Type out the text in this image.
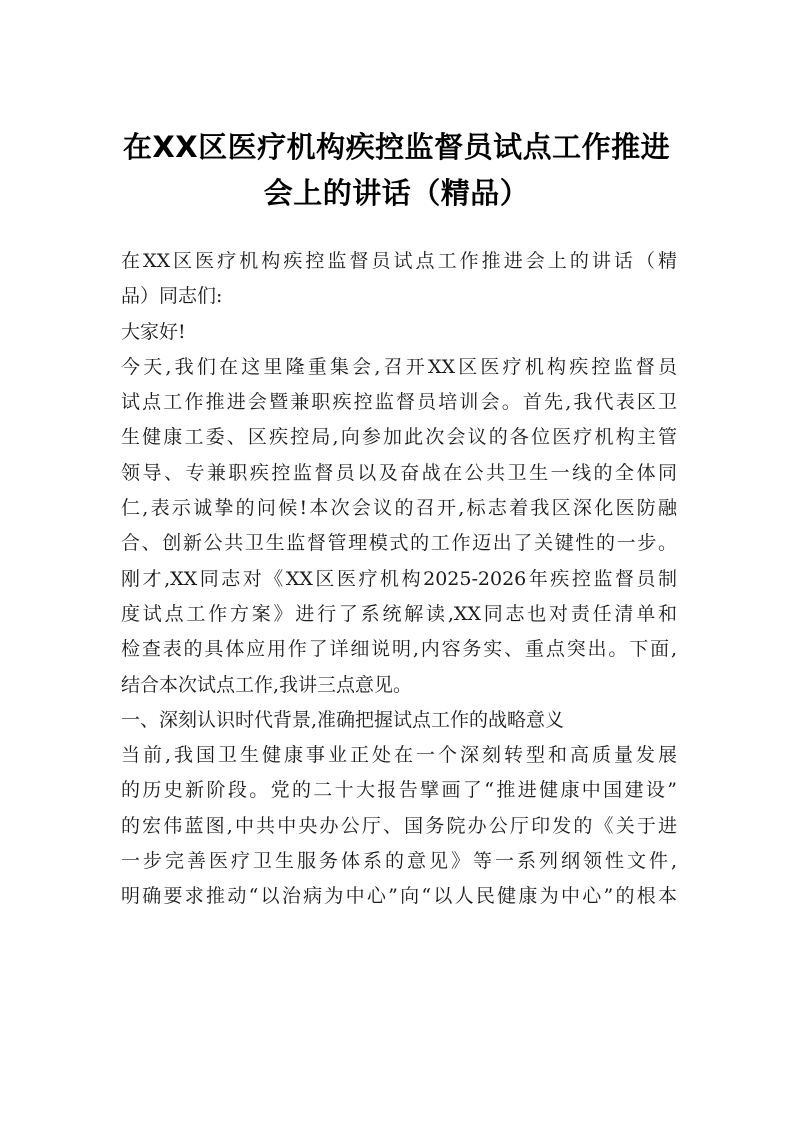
在XX区医疗机构疾控监督员试点工作推进
会上的讲话（精品）
在XX区医疗机构疾控监督员试点工作推进会上的讲话（精
品）同志们:
大家好!
今天,我们在这里隆重集会,召开XX区医疗机构疾控监督员
试点工作推进会暨兼职疾控监督员培训会。首先,我代表区卫
生健康工委、区疾控局,向参加此次会议的各位医疗机构主管
领导、专兼职疾控监督员以及奋战在公共卫生一线的全体同
仁,表示诚挚的问候!本次会议的召开,标志着我区深化医防融
合、创新公共卫生监督管理模式的工作迈出了关键性的一步。
刚才,XX同志对《XX区医疗机构2025-2026年疾控监督员制
度试点工作方案》进行了系统解读,XX同志也对责任清单和
检查表的具体应用作了详细说明,内容务实、重点突出。下面,
结合本次试点工作,我讲三点意见。
一、深刻认识时代背景,准确把握试点工作的战略意义
当前,我国卫生健康事业正处在一个深刻转型和高质量发展
的历史新阶段。党的二十大报告擘画了“推进健康中国建设”
的宏伟蓝图,中共中央办公厅、国务院办公厅印发的《关于进
一步完善医疗卫生服务体系的意见》等一系列纲领性文件,
明确要求推动“以治病为中心”向“以人民健康为中心”的根本
